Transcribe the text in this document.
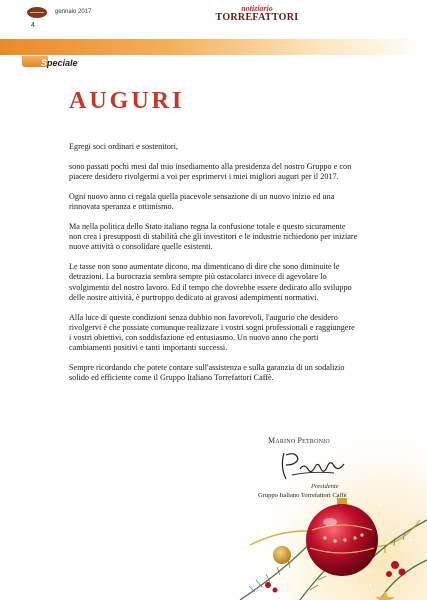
gennaio 2017
4
notiziario
TORREFATTORI
Speciale
AUGURI

Egregi soci ordinari e sostenitori,

sono passati pochi mesi dal mio insediamento alla presidenza del nostro Gruppo e con piacere desidero rivolgermi a voi per esprimervi i miei migliori auguri per il 2017.

Ogni nuovo anno ci regala quella piacevole sensazione di un nuovo inizio ed una rinnovata speranza e ottimismo.

Ma nella politica dello Stato italiano regna la confusione totale e questo sicuramente non crea i presupposti di stabilità che gli investitori e le industrie richiedono per iniziare nuove attività o consolidare quelle esistenti.

Le tasse non sono aumentate dicono, ma dimenticano di dire che sono diminuite le detrazioni. La burocrazia sembra sempre più ostacolarci invece di agevolare lo svolgimento del nostro lavoro. Ed il tempo che dovrebbe essere dedicato allo sviluppo delle nostre attività, è purtroppo dedicato ai gravosi adempimenti normativi.

Alla luce di queste condizioni senza dubbio non favorevoli, l'augurio che desidero rivolgervi è che possiate comunque realizzare i vostri sogni professionali e raggiungere i vostri obiettivi, con soddisfazione ed entusiasmo. Un nuovo anno che porti cambiamenti positivi e tanti importanti successi.

Sempre ricordando che potete contare sull'assistenza e sulla garanzia di un sodalizio solido ed efficiente come il Gruppo Italiano Torrefattori Caffè.

Marino Petronio
Presidente
Gruppo Italiano Torrefattori Caffè
